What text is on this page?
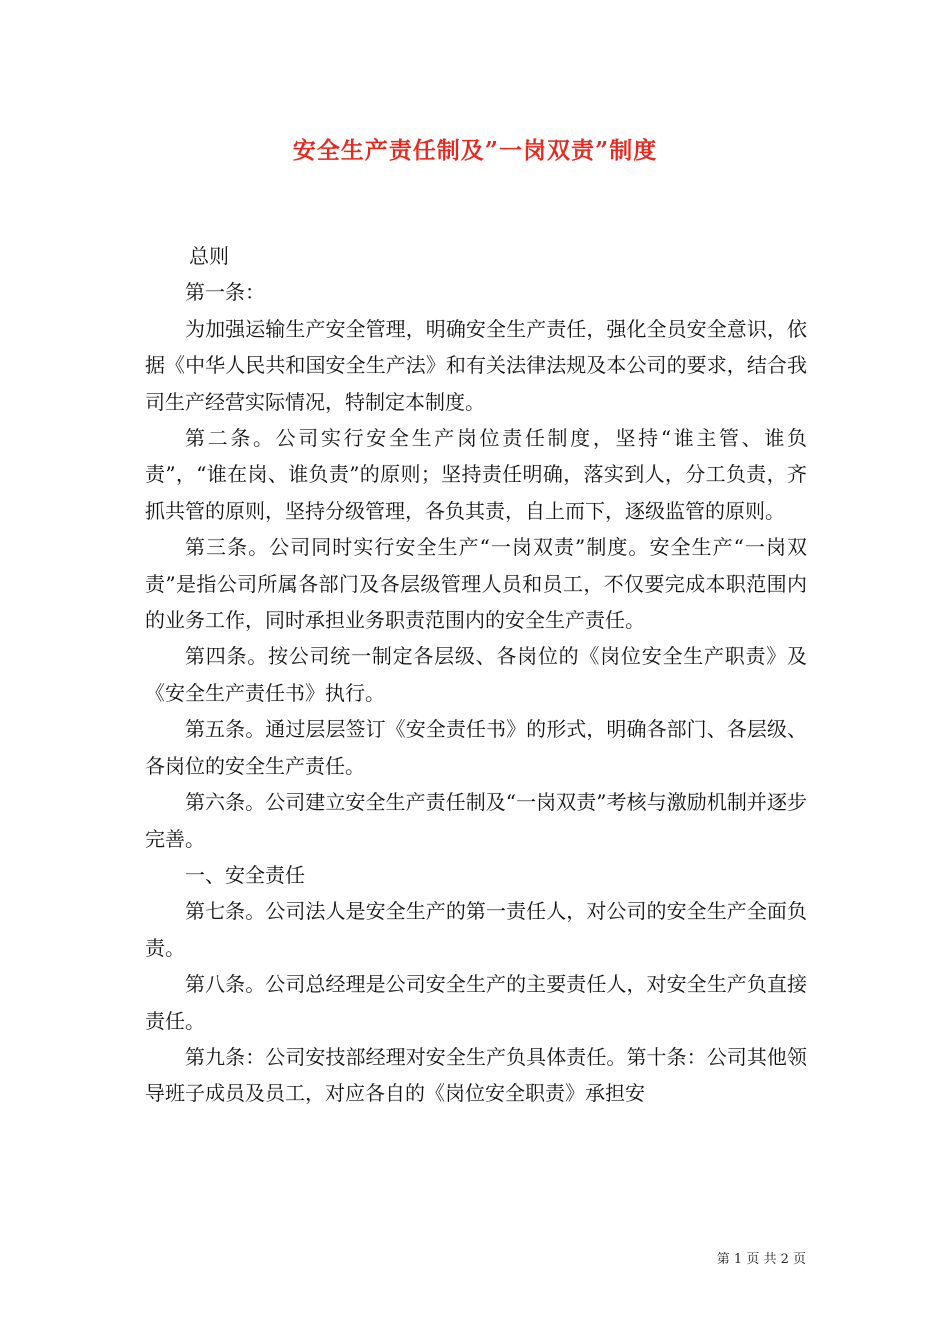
安全生产责任制及”一岗双责”制度

总则

第一条：

为加强运输生产安全管理，明确安全生产责任，强化全员安全意识，依据《中华人民共和国安全生产法》和有关法律法规及本公司的要求，结合我司生产经营实际情况，特制定本制度。

第二条。公司实行安全生产岗位责任制度，坚持“谁主管、谁负责”，“谁在岗、谁负责”的原则；坚持责任明确，落实到人，分工负责，齐抓共管的原则，坚持分级管理，各负其责，自上而下，逐级监管的原则。

第三条。公司同时实行安全生产“一岗双责”制度。安全生产“一岗双责”是指公司所属各部门及各层级管理人员和员工，不仅要完成本职范围内的业务工作，同时承担业务职责范围内的安全生产责任。

第四条。按公司统一制定各层级、各岗位的《岗位安全生产职责》及《安全生产责任书》执行。

第五条。通过层层签订《安全责任书》的形式，明确各部门、各层级、各岗位的安全生产责任。

第六条。公司建立安全生产责任制及“一岗双责”考核与激励机制并逐步完善。

一、安全责任

第七条。公司法人是安全生产的第一责任人，对公司的安全生产全面负责。

第八条。公司总经理是公司安全生产的主要责任人，对安全生产负直接责任。

第九条：公司安技部经理对安全生产负具体责任。第十条：公司其他领导班子成员及员工，对应各自的《岗位安全职责》承担安

第 1 页 共 2 页
